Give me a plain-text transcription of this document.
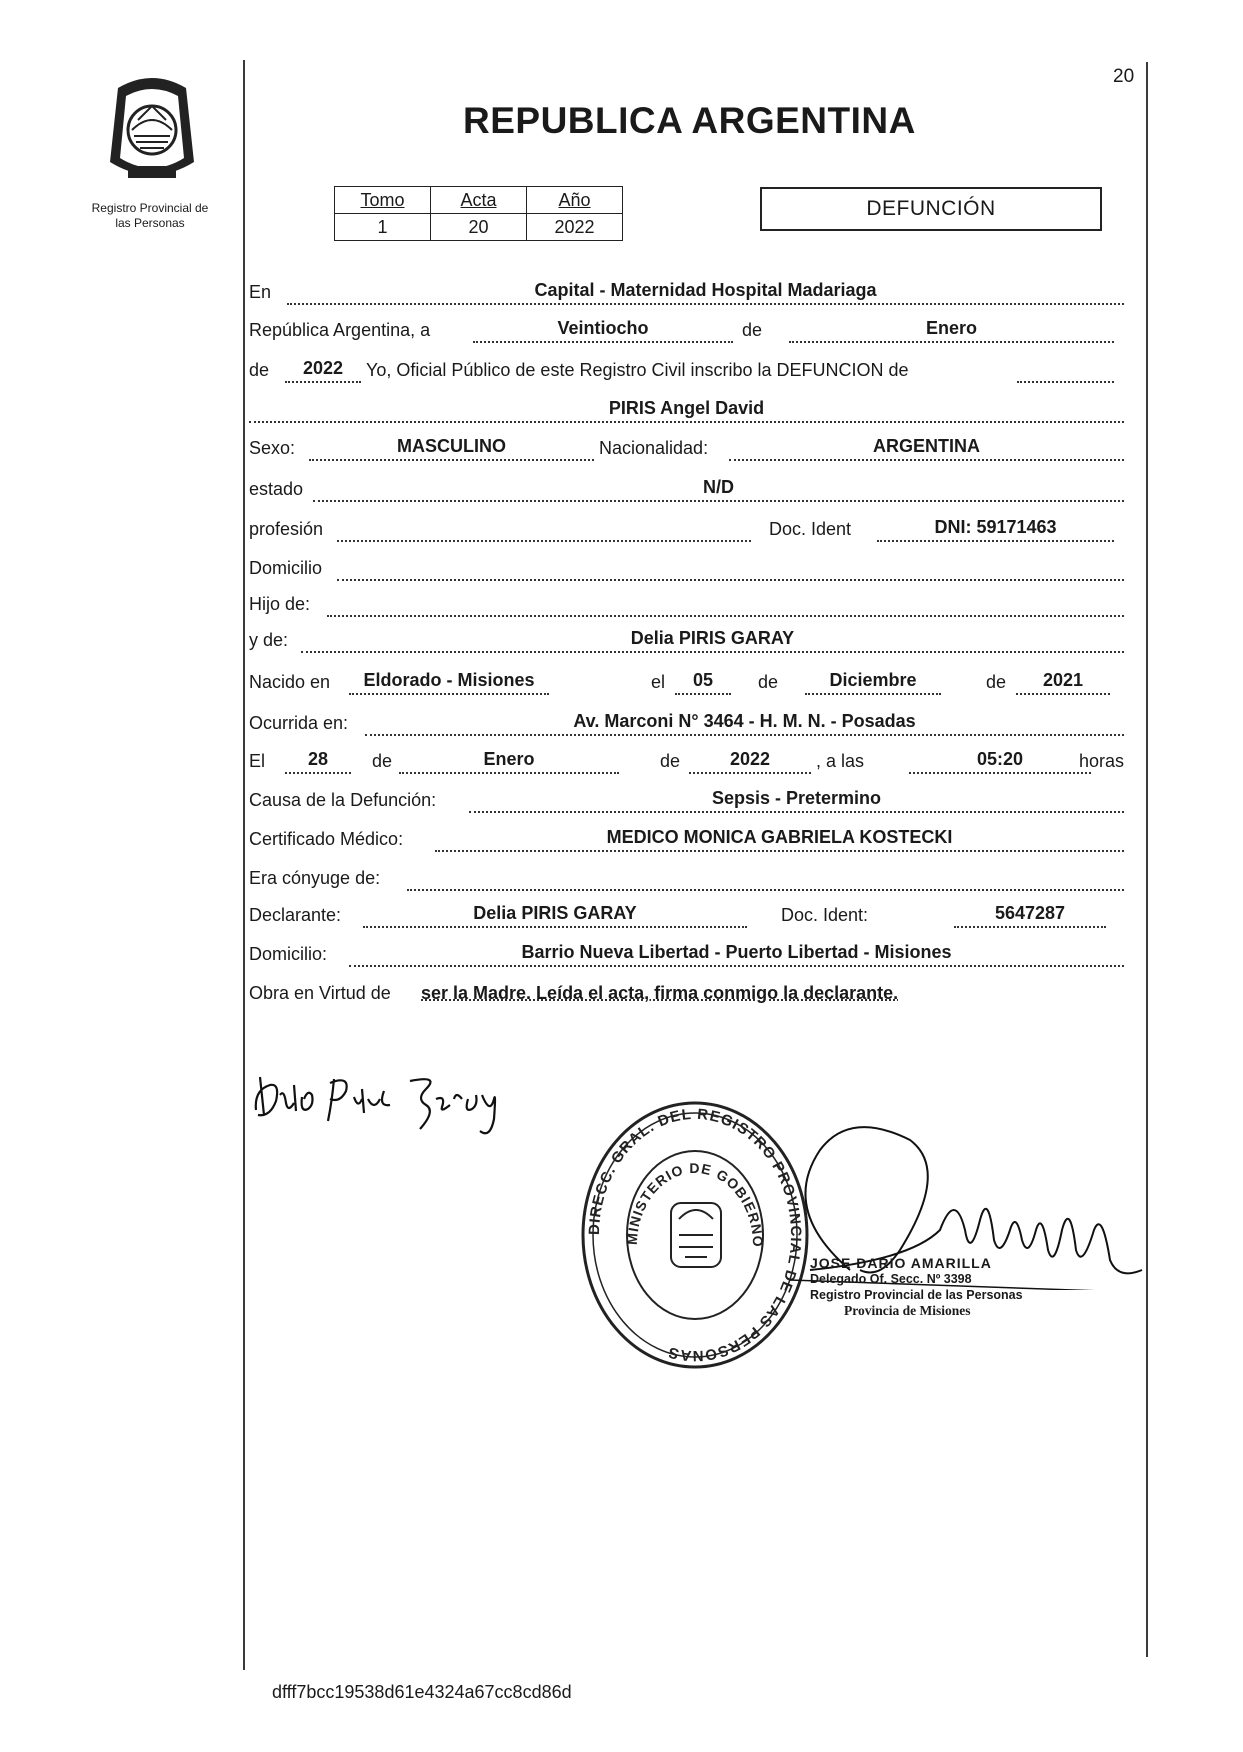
20
Registro Provincial de
las Personas
REPUBLICA ARGENTINA
Tomo	Acta	Año
1	20	2022
DEFUNCIÓN
En	Capital - Maternidad Hospital Madariaga
República Argentina, a	Veintiocho	de	Enero
de	2022	Yo, Oficial Público de este Registro Civil inscribo la DEFUNCION de
PIRIS Angel David
Sexo:	MASCULINO	Nacionalidad:	ARGENTINA
estado	N/D
profesión	Doc. Ident	DNI: 59171463
Domicilio
Hijo de:
y de:	Delia PIRIS GARAY
Nacido en	Eldorado - Misiones	el	05	de	Diciembre	de	2021
Ocurrida en:	Av. Marconi N° 3464 - H. M. N. - Posadas
El	28	de	Enero	de	2022	, a las	05:20	horas
Causa de la Defunción:	Sepsis - Pretermino
Certificado Médico:	MEDICO MONICA GABRIELA KOSTECKI
Era cónyuge de:
Declarante:	Delia PIRIS GARAY	Doc. Ident:	5647287
Domicilio:	Barrio Nueva Libertad - Puerto Libertad - Misiones
Obra en Virtud de ser la Madre. Leída el acta, firma conmigo la declarante.
DIRECC. GRAL. DEL REGISTRO PROVINCIAL DE LAS PERSONAS
MINISTERIO DE GOBIERNO
JOSE DARIO AMARILLA
Delegado Of. Secc. Nº 3398
Registro Provincial de las Personas
Provincia de Misiones
dfff7bcc19538d61e4324a67cc8cd86d
